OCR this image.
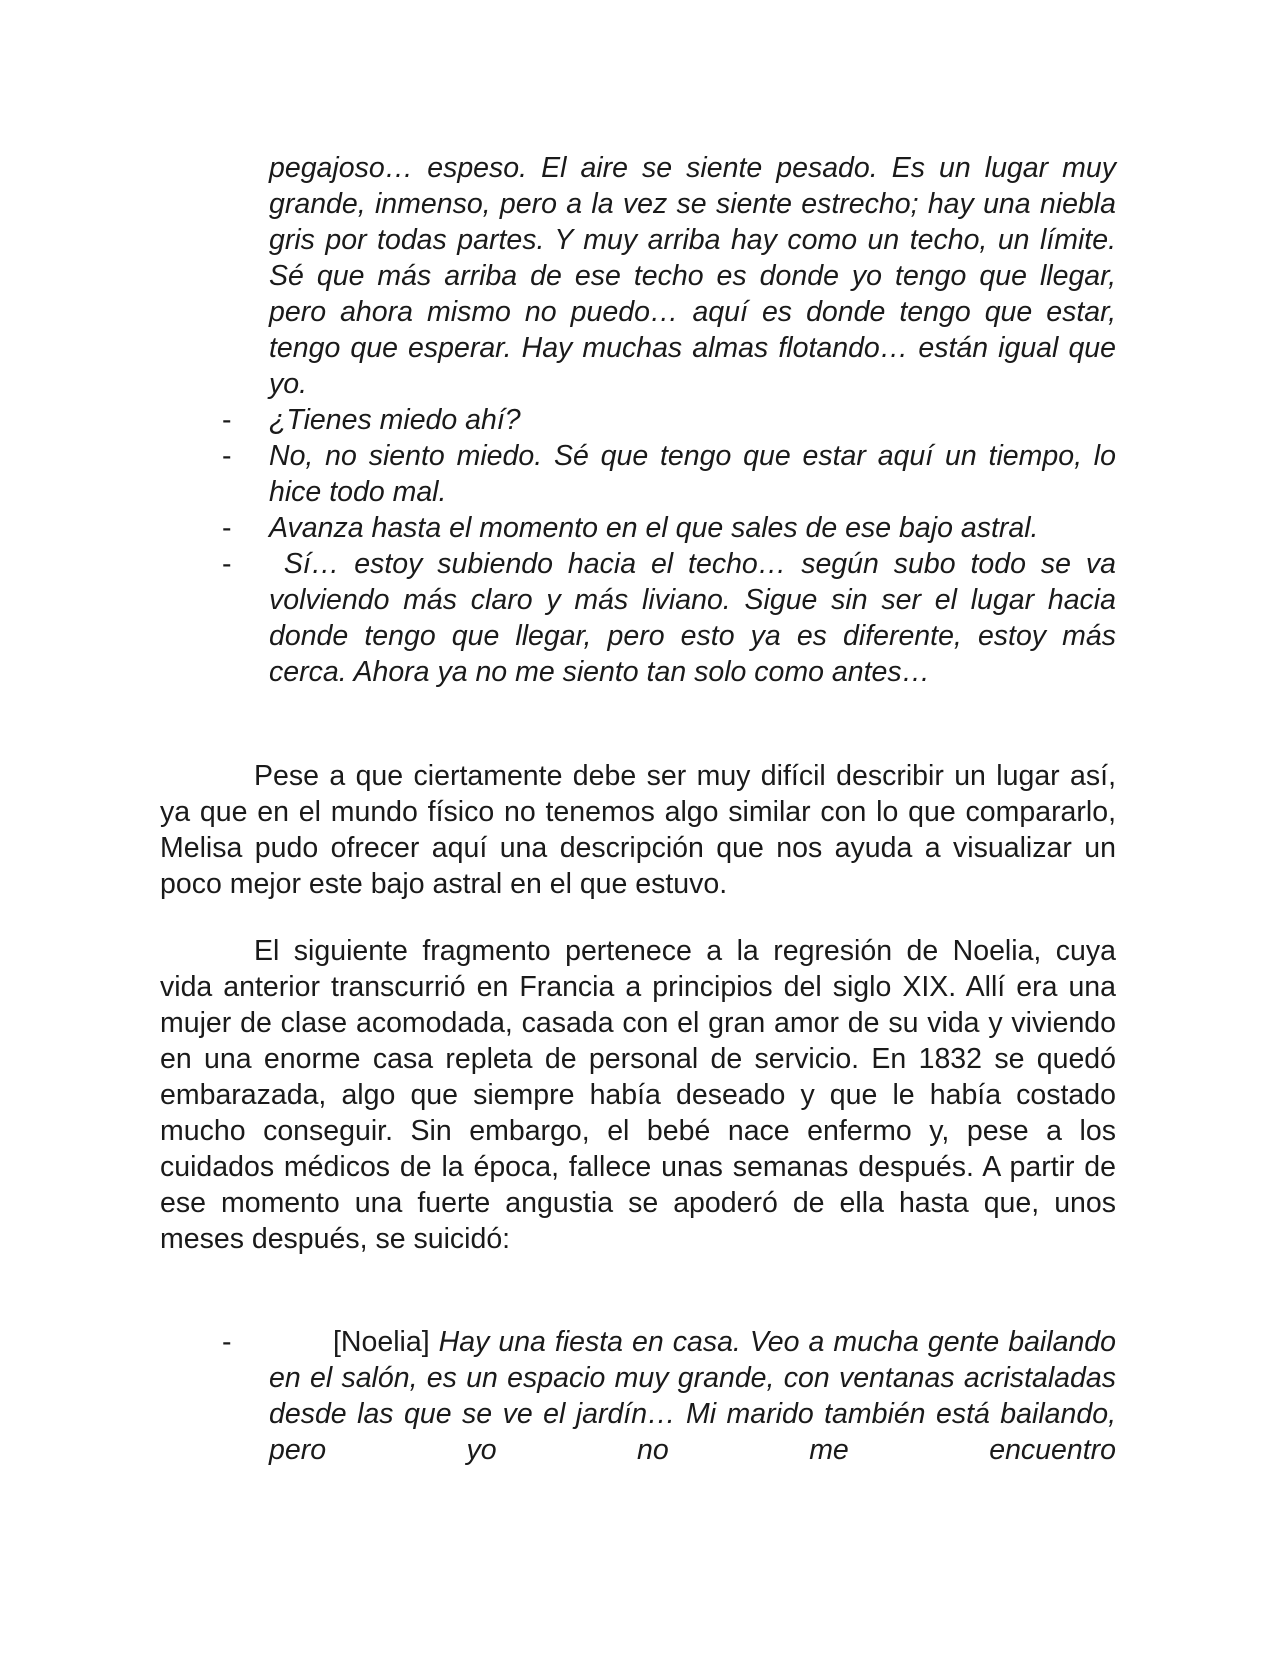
pegajoso… espeso. El aire se siente pesado. Es un lugar muy grande, inmenso, pero a la vez se siente estrecho; hay una niebla gris por todas partes. Y muy arriba hay como un techo, un límite. Sé que más arriba de ese techo es donde yo tengo que llegar, pero ahora mismo no puedo… aquí es donde tengo que estar, tengo que esperar. Hay muchas almas flotando… están igual que yo.
- ¿Tienes miedo ahí?
- No, no siento miedo. Sé que tengo que estar aquí un tiempo, lo hice todo mal.
- Avanza hasta el momento en el que sales de ese bajo astral.
- Sí… estoy subiendo hacia el techo… según subo todo se va volviendo más claro y más liviano. Sigue sin ser el lugar hacia donde tengo que llegar, pero esto ya es diferente, estoy más cerca. Ahora ya no me siento tan solo como antes…

Pese a que ciertamente debe ser muy difícil describir un lugar así, ya que en el mundo físico no tenemos algo similar con lo que compararlo, Melisa pudo ofrecer aquí una descripción que nos ayuda a visualizar un poco mejor este bajo astral en el que estuvo.

El siguiente fragmento pertenece a la regresión de Noelia, cuya vida anterior transcurrió en Francia a principios del siglo XIX. Allí era una mujer de clase acomodada, casada con el gran amor de su vida y viviendo en una enorme casa repleta de personal de servicio. En 1832 se quedó embarazada, algo que siempre había deseado y que le había costado mucho conseguir. Sin embargo, el bebé nace enfermo y, pese a los cuidados médicos de la época, fallece unas semanas después. A partir de ese momento una fuerte angustia se apoderó de ella hasta que, unos meses después, se suicidó:

-	[Noelia] Hay una fiesta en casa. Veo a mucha gente bailando en el salón, es un espacio muy grande, con ventanas acristaladas desde las que se ve el jardín… Mi marido también está bailando, pero yo no me encuentro
